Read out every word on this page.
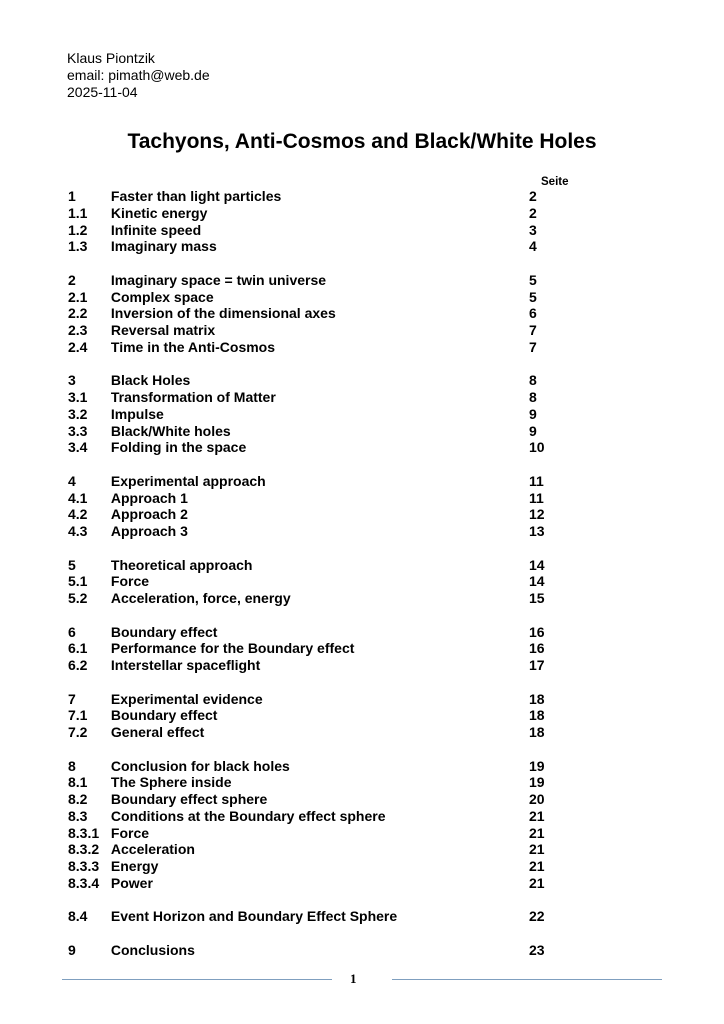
Klaus Piontzik
email: pimath@web.de
2025-11-04
Tachyons, Anti-Cosmos and Black/White Holes
Seite
1	Faster than light particles	2
1.1	Kinetic energy	2
1.2	Infinite speed	3
1.3	Imaginary mass	4
2	Imaginary space = twin universe	5
2.1	Complex space	5
2.2	Inversion of the dimensional axes	6
2.3	Reversal matrix	7
2.4	Time in the Anti-Cosmos	7
3	Black Holes	8
3.1	Transformation of Matter	8
3.2	Impulse	9
3.3	Black/White holes	9
3.4	Folding in the space	10
4	Experimental approach	11
4.1	Approach 1	11
4.2	Approach 2	12
4.3	Approach 3	13
5	Theoretical approach	14
5.1	Force	14
5.2	Acceleration, force, energy	15
6	Boundary effect	16
6.1	Performance for the Boundary effect	16
6.2	Interstellar spaceflight	17
7	Experimental evidence	18
7.1	Boundary effect	18
7.2	General effect	18
8	Conclusion for black holes	19
8.1	The Sphere inside	19
8.2	Boundary effect sphere	20
8.3	Conditions at the Boundary effect sphere	21
8.3.1 Force	21
8.3.2 Acceleration	21
8.3.3 Energy	21
8.3.4 Power	21
8.4	Event Horizon and Boundary Effect Sphere	22
9	Conclusions	23
1
